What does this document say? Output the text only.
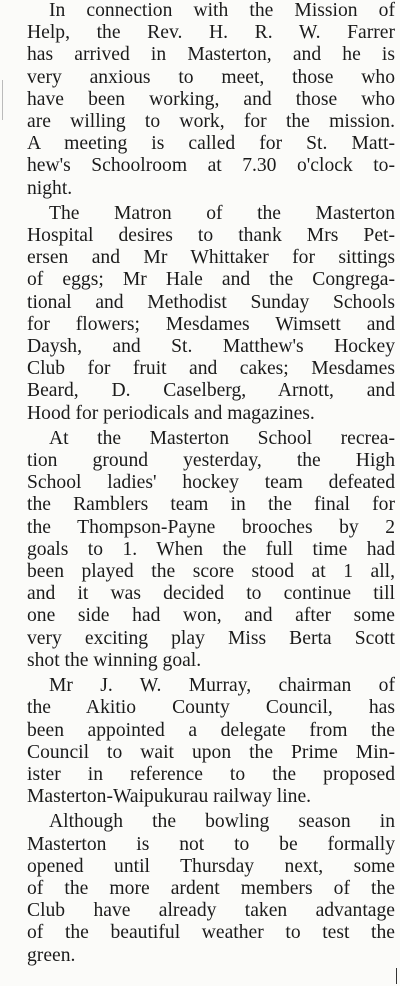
In connection with the Mission of
Help, the Rev. H. R. W. Farrer
has arrived in Masterton, and he is
very anxious to meet, those who
have been working, and those who
are willing to work, for the mission.
A meeting is called for St. Matt-
hew's Schoolroom at 7.30 o'clock to-
night.
The Matron of the Masterton
Hospital desires to thank Mrs Pet-
ersen and Mr Whittaker for sittings
of eggs; Mr Hale and the Congrega-
tional and Methodist Sunday Schools
for flowers; Mesdames Wimsett and
Daysh, and St. Matthew's Hockey
Club for fruit and cakes; Mesdames
Beard, D. Caselberg, Arnott, and
Hood for periodicals and magazines.
At the Masterton School recrea-
tion ground yesterday, the High
School ladies' hockey team defeated
the Ramblers team in the final for
the Thompson-Payne brooches by 2
goals to 1. When the full time had
been played the score stood at 1 all,
and it was decided to continue till
one side had won, and after some
very exciting play Miss Berta Scott
shot the winning goal.
Mr J. W. Murray, chairman of
the Akitio County Council, has
been appointed a delegate from the
Council to wait upon the Prime Min-
ister in reference to the proposed
Masterton-Waipukurau railway line.
Although the bowling season in
Masterton is not to be formally
opened until Thursday next, some
of the more ardent members of the
Club have already taken advantage
of the beautiful weather to test the
green.
